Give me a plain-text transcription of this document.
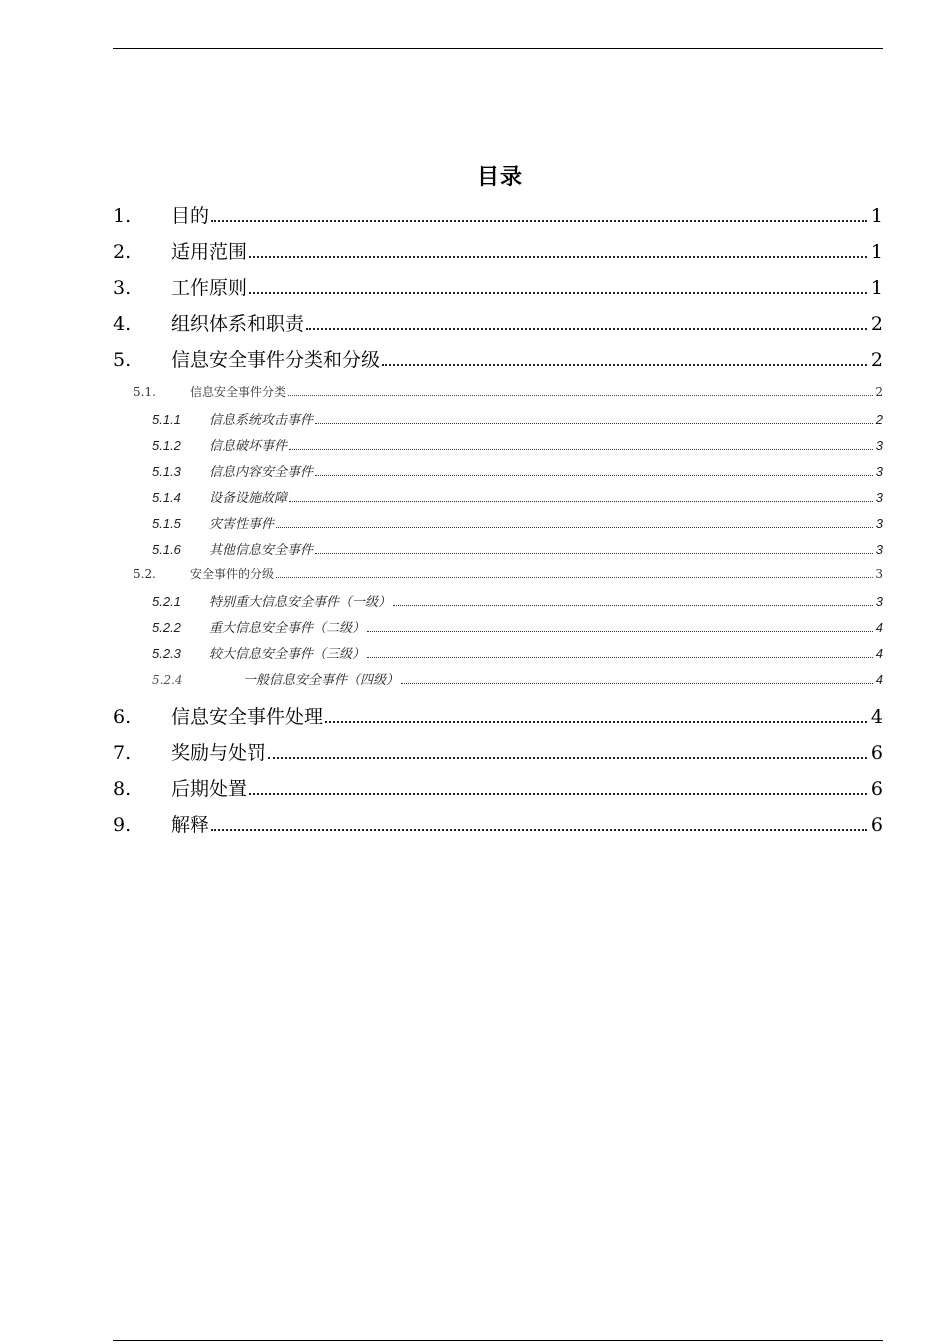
目录
1.	目的	1
2.	适用范围	1
3.	工作原则	1
4.	组织体系和职责	2
5.	信息安全事件分类和分级	2
5.1.	信息安全事件分类	2
5.1.1	信息系统攻击事件	2
5.1.2	信息破坏事件	3
5.1.3	信息内容安全事件	3
5.1.4	设备设施故障	3
5.1.5	灾害性事件	3
5.1.6	其他信息安全事件	3
5.2.	安全事件的分级	3
5.2.1	特别重大信息安全事件（一级）	3
5.2.2	重大信息安全事件（二级）	4
5.2.3	较大信息安全事件（三级）	4
5.2.4	一般信息安全事件（四级）	4
6.	信息安全事件处理	4
7.	奖励与处罚	6
8.	后期处置	6
9.	解释	6
